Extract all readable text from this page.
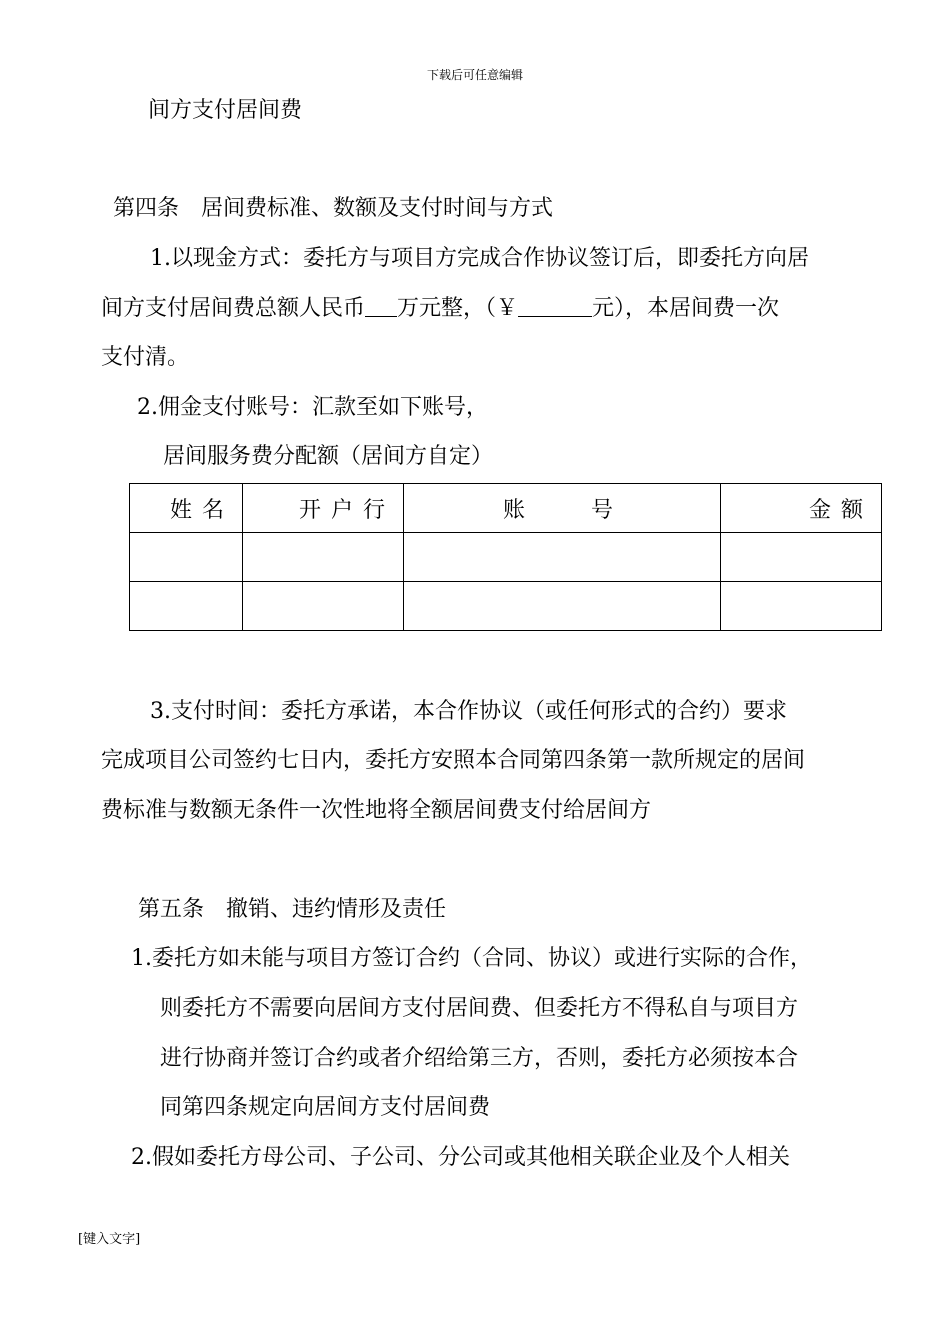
下载后可任意编辑
间方支付居间费
第四条　居间费标准、数额及支付时间与方式
1.以现金方式：委托方与项目方完成合作协议签订后，即委托方向居
间方支付居间费总额人民币 万元整，（￥	元），本居间费一次
支付清。
2.佣金支付账号：汇款至如下账号，
居间服务费分配额（居间方自定）
姓名	开户行	账　　　号	金额

3.支付时间：委托方承诺，本合作协议（或任何形式的合约）要求
完成项目公司签约七日内，委托方安照本合同第四条第一款所规定的居间
费标准与数额无条件一次性地将全额居间费支付给居间方
第五条　撤销、违约情形及责任
1.委托方如未能与项目方签订合约（合同、协议）或进行实际的合作，
则委托方不需要向居间方支付居间费、但委托方不得私自与项目方
进行协商并签订合约或者介绍给第三方，否则，委托方必须按本合
同第四条规定向居间方支付居间费
2.假如委托方母公司、子公司、分公司或其他相关联企业及个人相关
[键入文字]
